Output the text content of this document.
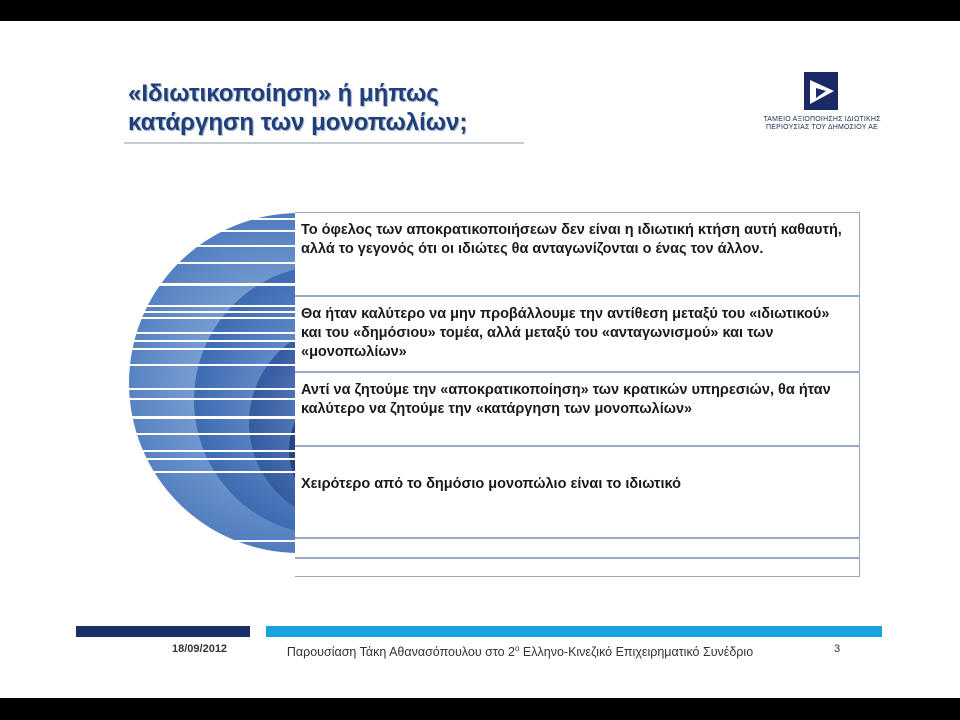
«Ιδιωτικοποίηση» ή μήπως
κατάργηση των μονοπωλίων;	ΤΑΜΕΙΟ ΑΞΙΟΠΟΙΗΣΗΣ ΙΔΙΩΤΙΚΗΣ
ΠΕΡΙΟΥΣΙΑΣ ΤΟΥ ΔΗΜΟΣΙΟΥ ΑΕ
Το όφελος των αποκρατικοποιήσεων δεν είναι η ιδιωτική κτήση αυτή καθαυτή, αλλά το γεγονός ότι οι ιδιώτες θα ανταγωνίζονται ο ένας τον άλλον.
Θα ήταν καλύτερο να μην προβάλλουμε την αντίθεση μεταξύ του «ιδιωτικού» και του «δημόσιου» τομέα, αλλά μεταξύ του «ανταγωνισμού» και των «μονοπωλίων»
Αντί να ζητούμε την «αποκρατικοποίηση» των κρατικών υπηρεσιών, θα ήταν καλύτερο να ζητούμε την «κατάργηση των μονοπωλίων»
Χειρότερο από το δημόσιο μονοπώλιο είναι το ιδιωτικό
18/09/2012	Παρουσίαση Τάκη Αθανασόπουλου στο $2^o$ Ελληνο-Κινεζικό Επιχειρηματικό Συνέδριο	3
